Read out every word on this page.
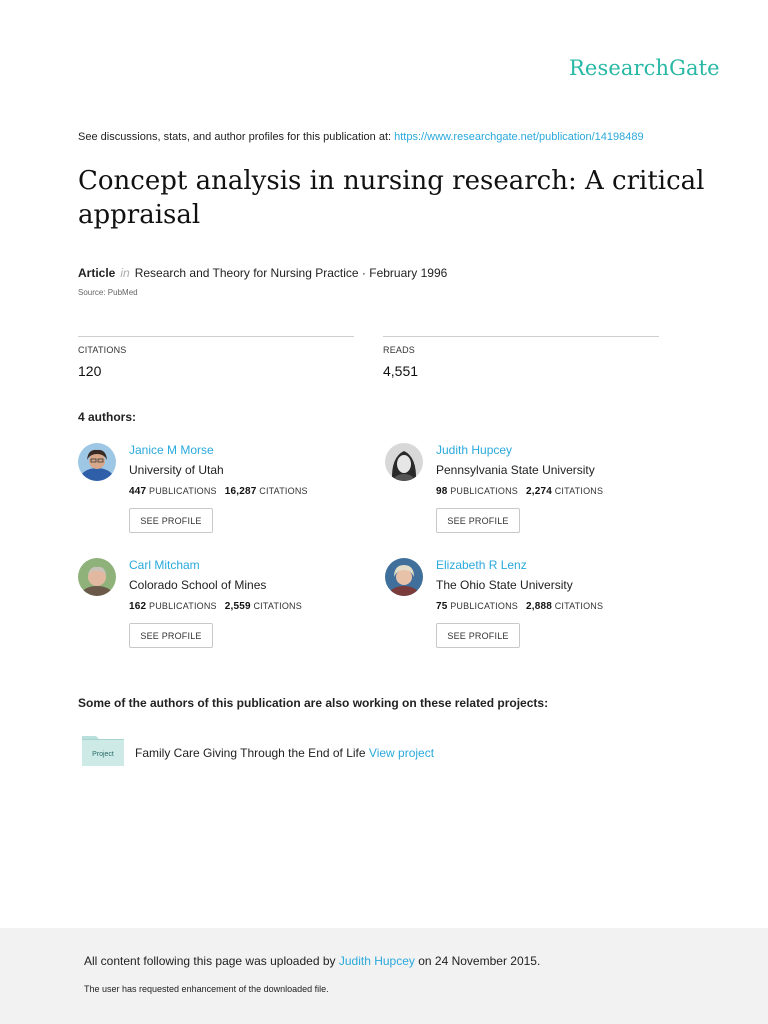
ResearchGate
See discussions, stats, and author profiles for this publication at: https://www.researchgate.net/publication/14198489
Concept analysis in nursing research: A critical appraisal
Article in Research and Theory for Nursing Practice · February 1996
Source: PubMed
CITATIONS
120
READS
4,551
4 authors:
Janice M Morse
University of Utah
447 PUBLICATIONS 16,287 CITATIONS
SEE PROFILE
Judith Hupcey
Pennsylvania State University
98 PUBLICATIONS 2,274 CITATIONS
SEE PROFILE
Carl Mitcham
Colorado School of Mines
162 PUBLICATIONS 2,559 CITATIONS
SEE PROFILE
Elizabeth R Lenz
The Ohio State University
75 PUBLICATIONS 2,888 CITATIONS
SEE PROFILE
Some of the authors of this publication are also working on these related projects:
Project Family Care Giving Through the End of Life View project
All content following this page was uploaded by Judith Hupcey on 24 November 2015.
The user has requested enhancement of the downloaded file.
